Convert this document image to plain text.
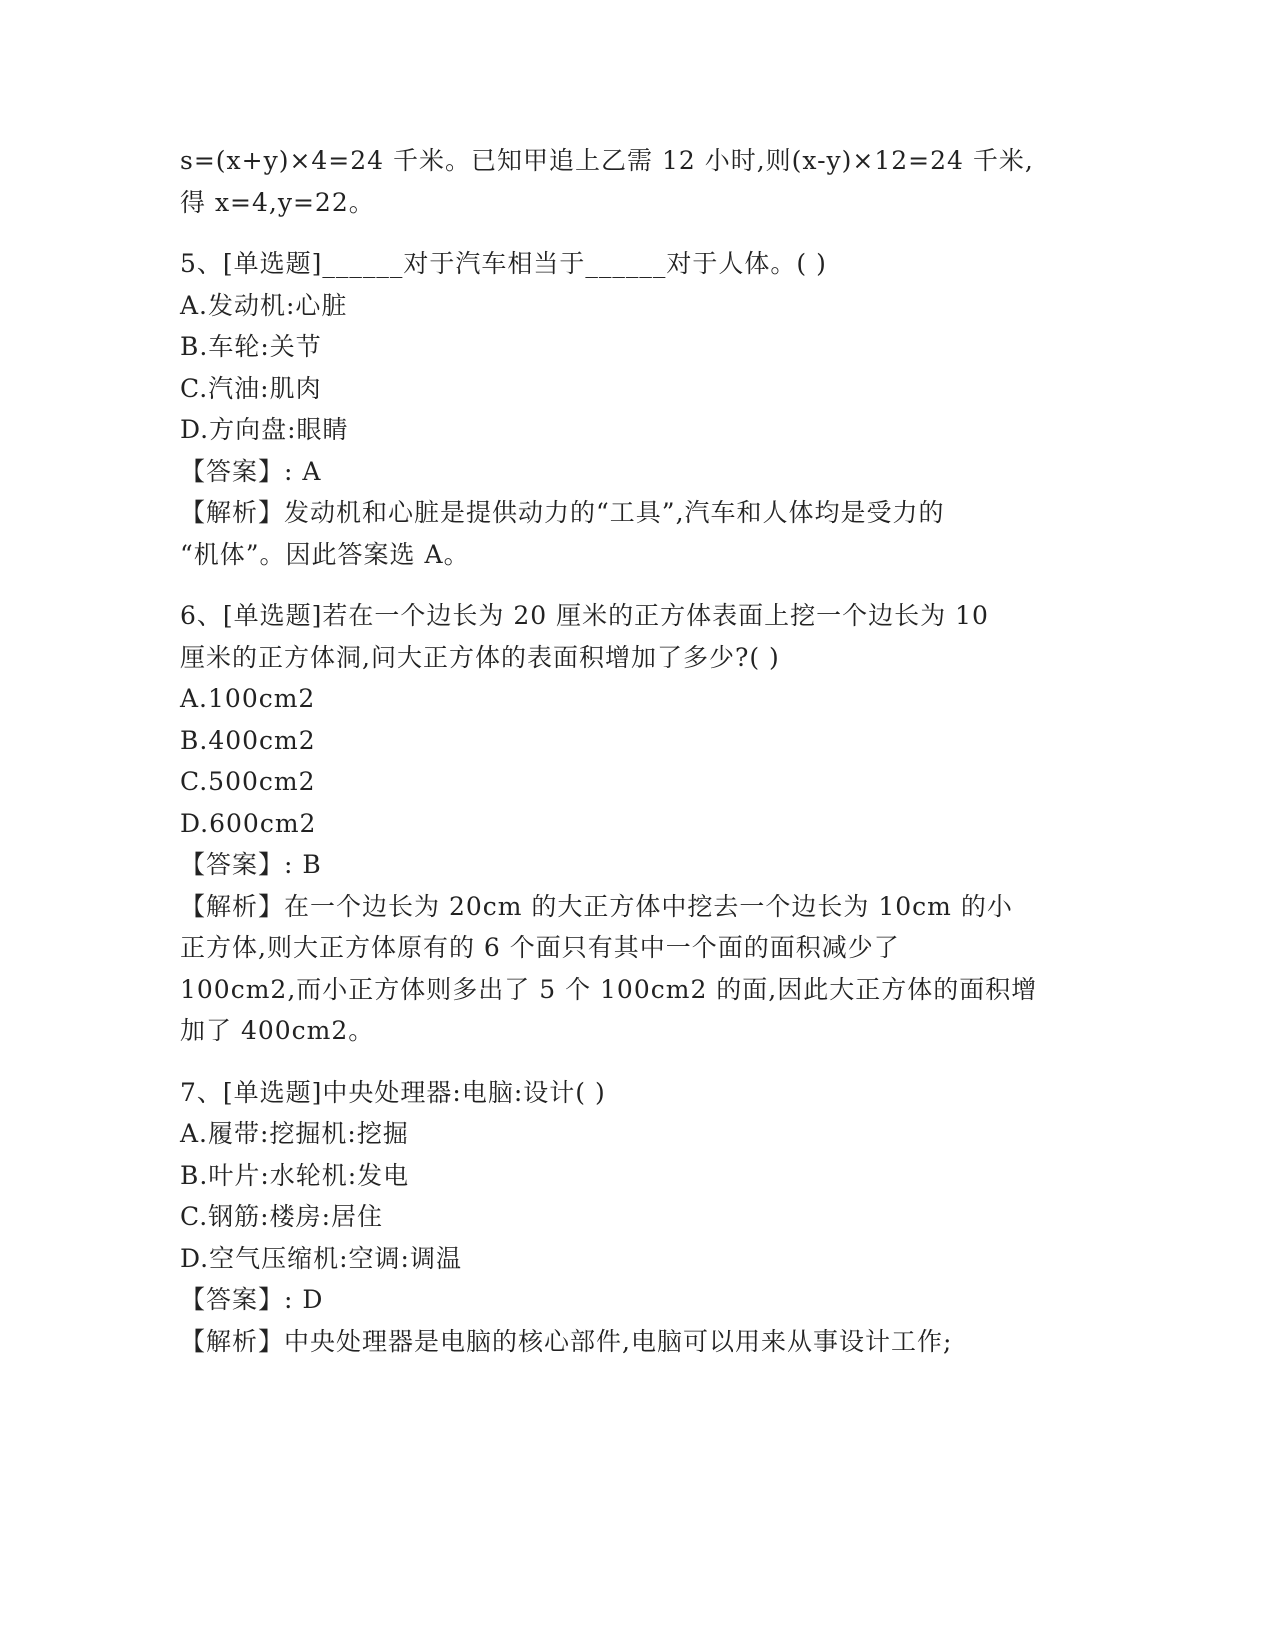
s=(x+y)×4=24 千米。已知甲追上乙需 12 小时,则(x-y)×12=24 千米,
得 x=4,y=22。
5、[单选题]______对于汽车相当于______对于人体。( )
A.发动机:心脏
B.车轮:关节
C.汽油:肌肉
D.方向盘:眼睛
【答案】: A
【解析】发动机和心脏是提供动力的“工具”,汽车和人体均是受力的
“机体”。因此答案选 A。
6、[单选题]若在一个边长为 20 厘米的正方体表面上挖一个边长为 10
厘米的正方体洞,问大正方体的表面积增加了多少?( )
A.100cm2
B.400cm2
C.500cm2
D.600cm2
【答案】: B
【解析】在一个边长为 20cm 的大正方体中挖去一个边长为 10cm 的小
正方体,则大正方体原有的 6 个面只有其中一个面的面积减少了
100cm2,而小正方体则多出了 5 个 100cm2 的面,因此大正方体的面积增
加了 400cm2。
7、[单选题]中央处理器:电脑:设计( )
A.履带:挖掘机:挖掘
B.叶片:水轮机:发电
C.钢筋:楼房:居住
D.空气压缩机:空调:调温
【答案】: D
【解析】中央处理器是电脑的核心部件,电脑可以用来从事设计工作;
